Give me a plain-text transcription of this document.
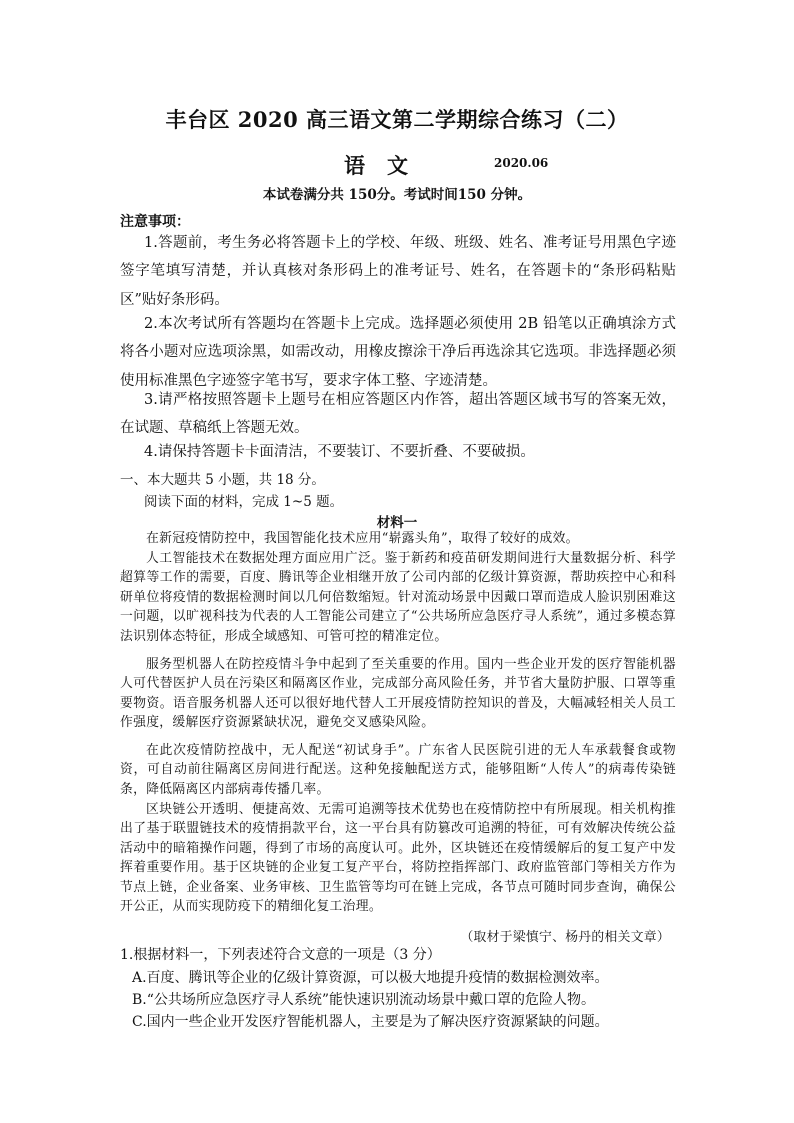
丰台区 2020 高三语文第二学期综合练习（二）
语文	2020.06
本试卷满分共 150分。考试时间150 分钟。
注意事项：

1.答题前，考生务必将答题卡上的学校、年级、班级、姓名、准考证号用黑色字迹签字笔填写清楚，并认真核对条形码上的准考证号、姓名，在答题卡的“条形码粘贴区”贴好条形码。

2.本次考试所有答题均在答题卡上完成。选择题必须使用 2B 铅笔以正确填涂方式将各小题对应选项涂黑，如需改动，用橡皮擦涂干净后再选涂其它选项。非选择题必须使用标准黑色字迹签字笔书写，要求字体工整、字迹清楚。

3.请严格按照答题卡上题号在相应答题区内作答，超出答题区域书写的答案无效，在试题、草稿纸上答题无效。

4.请保持答题卡卡面清洁，不要装订、不要折叠、不要破损。

一、本大题共 5 小题，共 18 分。
阅读下面的材料，完成 1~5 题。
材料一

在新冠疫情防控中，我国智能化技术应用“崭露头角”，取得了较好的成效。

人工智能技术在数据处理方面应用广泛。鉴于新药和疫苗研发期间进行大量数据分析、科学超算等工作的需要，百度、腾讯等企业相继开放了公司内部的亿级计算资源，帮助疾控中心和科研单位将疫情的数据检测时间以几何倍数缩短。针对流动场景中因戴口罩而造成人脸识别困难这一问题，以旷视科技为代表的人工智能公司建立了“公共场所应急医疗寻人系统”，通过多模态算法识别体态特征，形成全域感知、可管可控的精准定位。

服务型机器人在防控疫情斗争中起到了至关重要的作用。国内一些企业开发的医疗智能机器人可代替医护人员在污染区和隔离区作业，完成部分高风险任务，并节省大量防护服、口罩等重要物资。语音服务机器人还可以很好地代替人工开展疫情防控知识的普及，大幅减轻相关人员工作强度，缓解医疗资源紧缺状况，避免交叉感染风险。

在此次疫情防控战中，无人配送“初试身手”。广东省人民医院引进的无人车承载餐食或物资，可自动前往隔离区房间进行配送。这种免接触配送方式，能够阻断“人传人”的病毒传染链条，降低隔离区内部病毒传播几率。

区块链公开透明、便捷高效、无需可追溯等技术优势也在疫情防控中有所展现。相关机构推出了基于联盟链技术的疫情捐款平台，这一平台具有防篡改可追溯的特征，可有效解决传统公益活动中的暗箱操作问题，得到了市场的高度认可。此外，区块链还在疫情缓解后的复工复产中发挥着重要作用。基于区块链的企业复工复产平台，将防控指挥部门、政府监管部门等相关方作为节点上链，企业备案、业务审核、卫生监管等均可在链上完成，各节点可随时同步查询，确保公开公正，从而实现防疫下的精细化复工治理。

（取材于梁慎宁、杨丹的相关文章）
1.根据材料一，下列表述符合文意的一项是（3 分）
A.百度、腾讯等企业的亿级计算资源，可以极大地提升疫情的数据检测效率。
B.“公共场所应急医疗寻人系统”能快速识别流动场景中戴口罩的危险人物。
C.国内一些企业开发医疗智能机器人，主要是为了解决医疗资源紧缺的问题。
